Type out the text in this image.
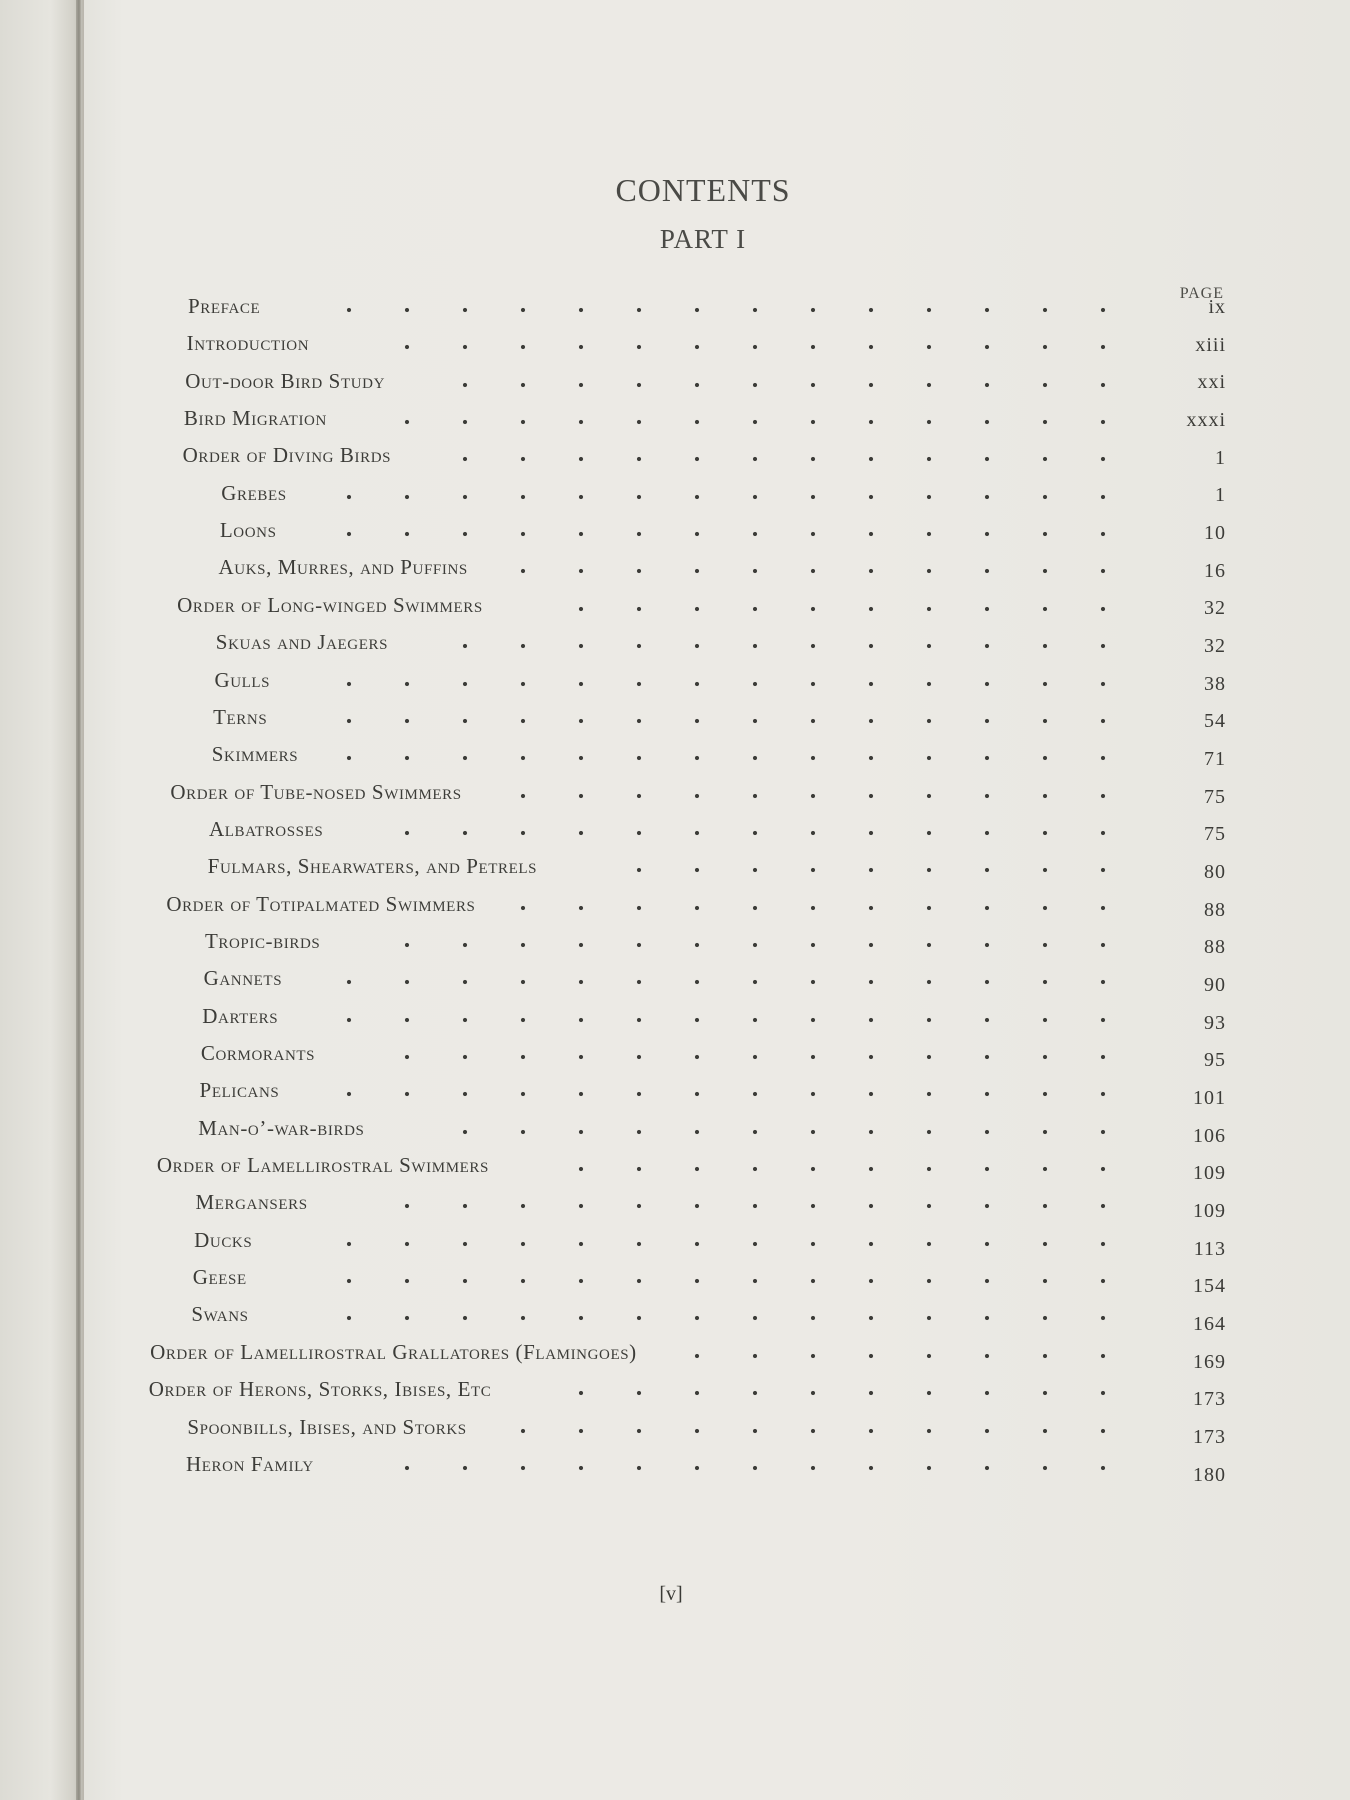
CONTENTS
PART I
PAGE
Preface	ix
Introduction	xiii
Out-door Bird Study	xxi
Bird Migration	xxxi
Order of Diving Birds	1
Grebes	1
Loons	10
Auks, Murres, and Puffins	16
Order of Long-winged Swimmers	32
Skuas and Jaegers	32
Gulls	38
Terns	54
Skimmers	71
Order of Tube-nosed Swimmers	75
Albatrosses	75
Fulmars, Shearwaters, and Petrels	80
Order of Totipalmated Swimmers	88
Tropic-birds	88
Gannets	90
Darters	93
Cormorants	95
Pelicans	101
Man-o’-war-birds	106
Order of Lamellirostral Swimmers	109
Mergansers	109
Ducks	113
Geese	154
Swans	164
Order of Lamellirostral Grallatores (Flamingoes)	169
Order of Herons, Storks, Ibises, Etc	173
Spoonbills, Ibises, and Storks	173
Heron Family	180
[v]
